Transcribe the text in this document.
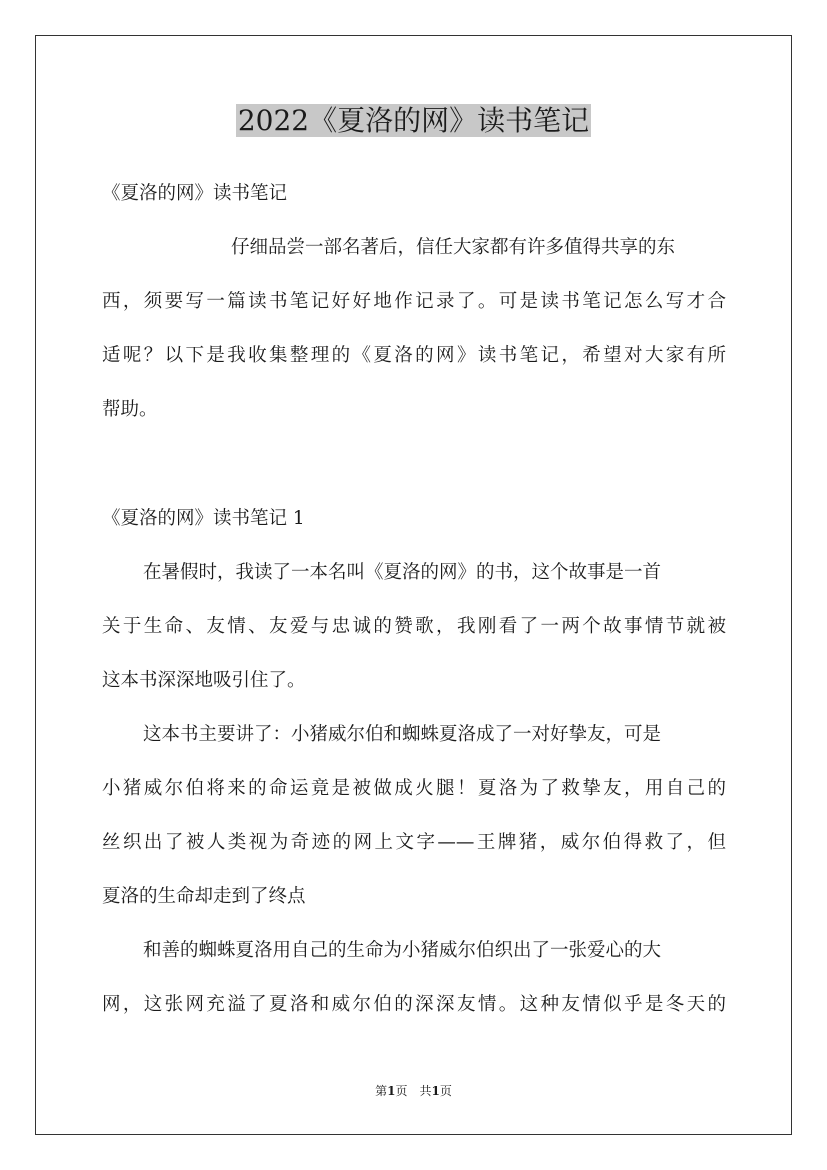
2022《夏洛的网》读书笔记
《夏洛的网》读书笔记
仔细品尝一部名著后，信任大家都有许多值得共享的东
西，须要写一篇读书笔记好好地作记录了。可是读书笔记怎么写才合
适呢？以下是我收集整理的《夏洛的网》读书笔记，希望对大家有所
帮助。
《夏洛的网》读书笔记 1
在暑假时，我读了一本名叫《夏洛的网》的书，这个故事是一首
关于生命、友情、友爱与忠诚的赞歌，我刚看了一两个故事情节就被
这本书深深地吸引住了。
这本书主要讲了：小猪威尔伯和蜘蛛夏洛成了一对好挚友，可是
小猪威尔伯将来的命运竟是被做成火腿！夏洛为了救挚友，用自己的
丝织出了被人类视为奇迹的网上文字——王牌猪，威尔伯得救了，但
夏洛的生命却走到了终点
和善的蜘蛛夏洛用自己的生命为小猪威尔伯织出了一张爱心的大
网，这张网充溢了夏洛和威尔伯的深深友情。这种友情似乎是冬天的
第1页　共1页
